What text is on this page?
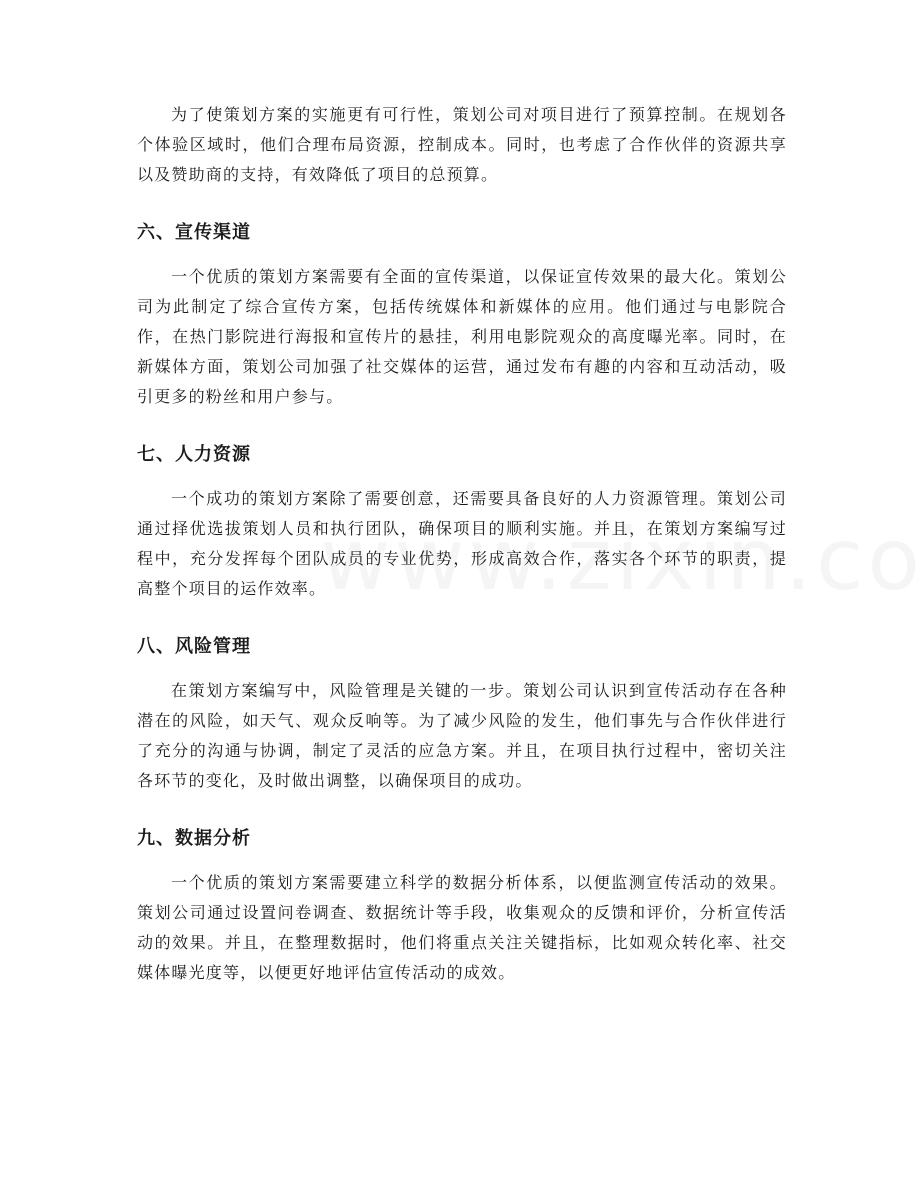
为了使策划方案的实施更有可行性，策划公司对项目进行了预算控制。在规划各个体验区域时，他们合理布局资源，控制成本。同时，也考虑了合作伙伴的资源共享以及赞助商的支持，有效降低了项目的总预算。

六、宣传渠道

一个优质的策划方案需要有全面的宣传渠道，以保证宣传效果的最大化。策划公司为此制定了综合宣传方案，包括传统媒体和新媒体的应用。他们通过与电影院合作，在热门影院进行海报和宣传片的悬挂，利用电影院观众的高度曝光率。同时，在新媒体方面，策划公司加强了社交媒体的运营，通过发布有趣的内容和互动活动，吸引更多的粉丝和用户参与。

七、人力资源

一个成功的策划方案除了需要创意，还需要具备良好的人力资源管理。策划公司通过择优选拔策划人员和执行团队，确保项目的顺利实施。并且，在策划方案编写过程中，充分发挥每个团队成员的专业优势，形成高效合作，落实各个环节的职责，提高整个项目的运作效率。

八、风险管理

在策划方案编写中，风险管理是关键的一步。策划公司认识到宣传活动存在各种潜在的风险，如天气、观众反响等。为了减少风险的发生，他们事先与合作伙伴进行了充分的沟通与协调，制定了灵活的应急方案。并且，在项目执行过程中，密切关注各环节的变化，及时做出调整，以确保项目的成功。

九、数据分析

一个优质的策划方案需要建立科学的数据分析体系，以便监测宣传活动的效果。策划公司通过设置问卷调查、数据统计等手段，收集观众的反馈和评价，分析宣传活动的效果。并且，在整理数据时，他们将重点关注关键指标，比如观众转化率、社交媒体曝光度等，以便更好地评估宣传活动的成效。
